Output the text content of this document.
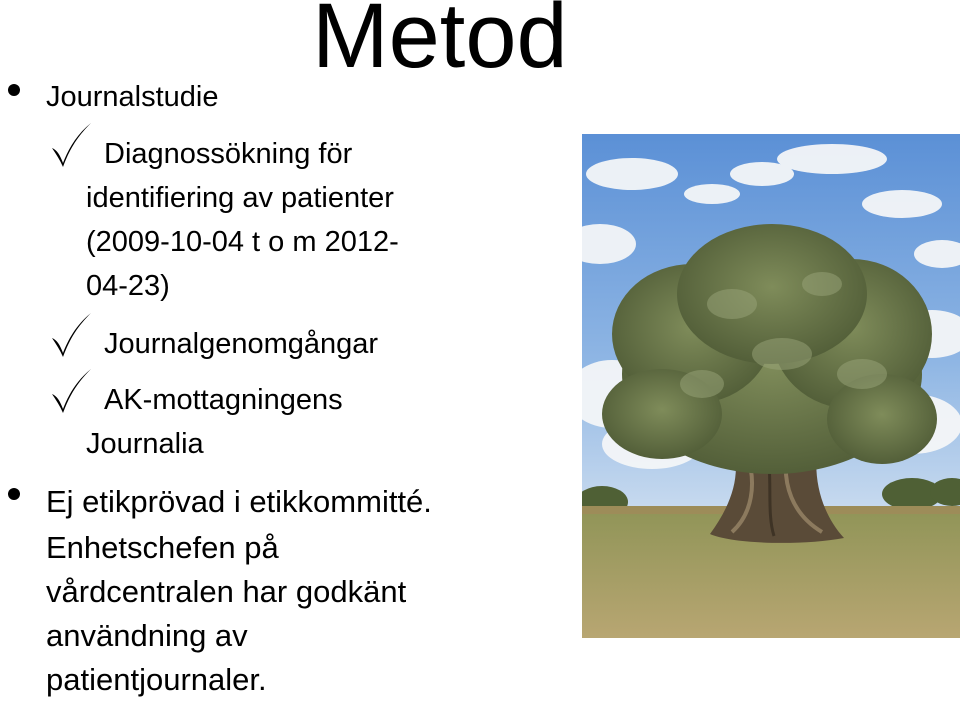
Metod
Journalstudie
Diagnossökning för
identifiering av patienter
(2009-10-04 t o m 2012-
04-23)
Journalgenomgångar
AK-mottagningens
Journalia
Ej etikprövad i etikkommitté.
Enhetschefen på
vårdcentralen har godkänt
användning av
patientjournaler.
